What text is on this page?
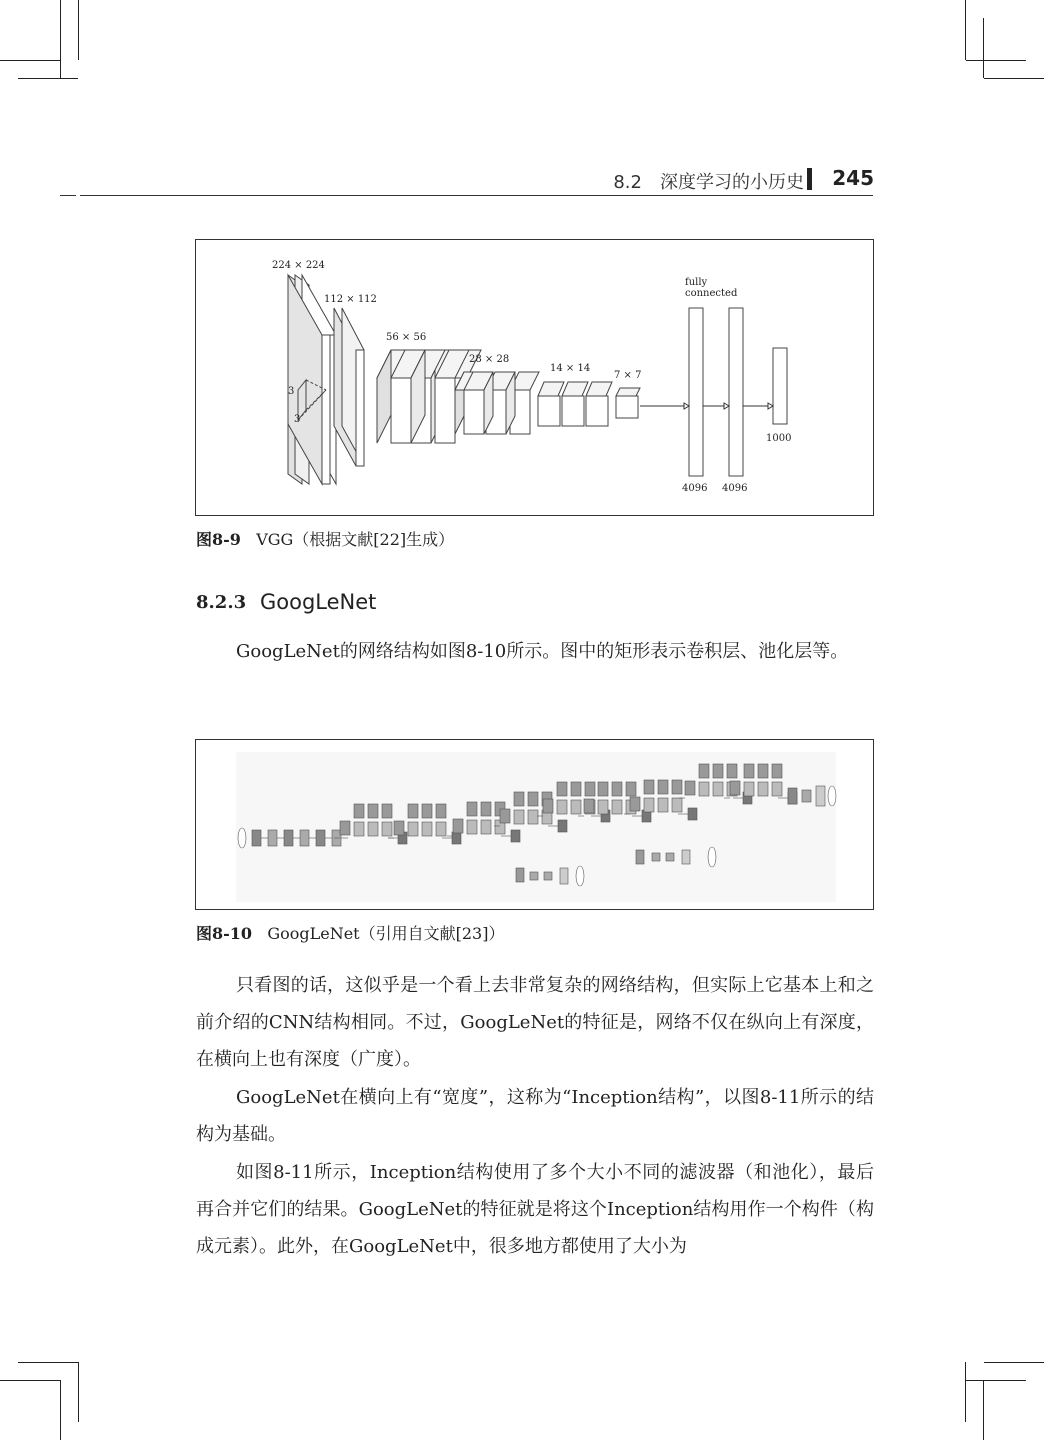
8.2　深度学习的小历史	245
224 × 224
112 × 112
56 × 56
28 × 28
14 × 14
7 × 7
3
3
fully
connected
4096 4096
1000
图8-9 VGG（根据文献[22]生成）
8.2.3 GoogLeNet

GoogLeNet的网络结构如图8-10所示。图中的矩形表示卷积层、池化层等。

图8-10 GoogLeNet（引用自文献[23]）

只看图的话，这似乎是一个看上去非常复杂的网络结构，但实际上它基本上和之前介绍的CNN结构相同。不过，GoogLeNet的特征是，网络不仅在纵向上有深度，在横向上也有深度（广度）。

GoogLeNet在横向上有“宽度”，这称为“Inception结构”，以图8-11所示的结构为基础。

如图8-11所示，Inception结构使用了多个大小不同的滤波器（和池化），最后再合并它们的结果。GoogLeNet的特征就是将这个Inception结构用作一个构件（构成元素）。此外，在GoogLeNet中，很多地方都使用了大小为
